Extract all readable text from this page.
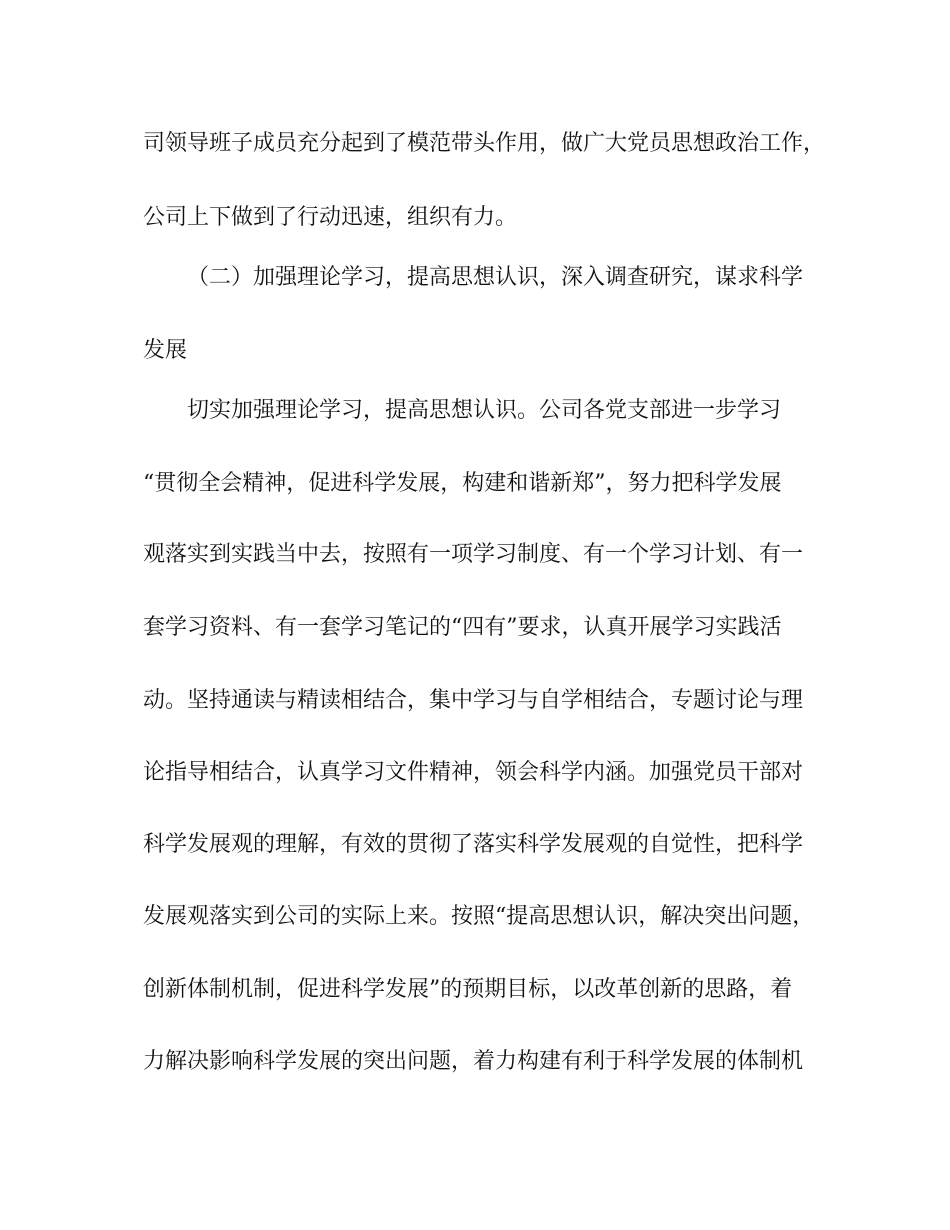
司领导班子成员充分起到了模范带头作用，做广大党员思想政治工作，
公司上下做到了行动迅速，组织有力。
（二）加强理论学习，提高思想认识，深入调查研究，谋求科学
发展
切实加强理论学习，提高思想认识。公司各党支部进一步学习
“贯彻全会精神，促进科学发展，构建和谐新郑”，努力把科学发展
观落实到实践当中去，按照有一项学习制度、有一个学习计划、有一
套学习资料、有一套学习笔记的“四有”要求，认真开展学习实践活
动。坚持通读与精读相结合，集中学习与自学相结合，专题讨论与理
论指导相结合，认真学习文件精神，领会科学内涵。加强党员干部对
科学发展观的理解，有效的贯彻了落实科学发展观的自觉性，把科学
发展观落实到公司的实际上来。按照“提高思想认识，解决突出问题，
创新体制机制，促进科学发展”的预期目标，以改革创新的思路，着
力解决影响科学发展的突出问题，着力构建有利于科学发展的体制机
